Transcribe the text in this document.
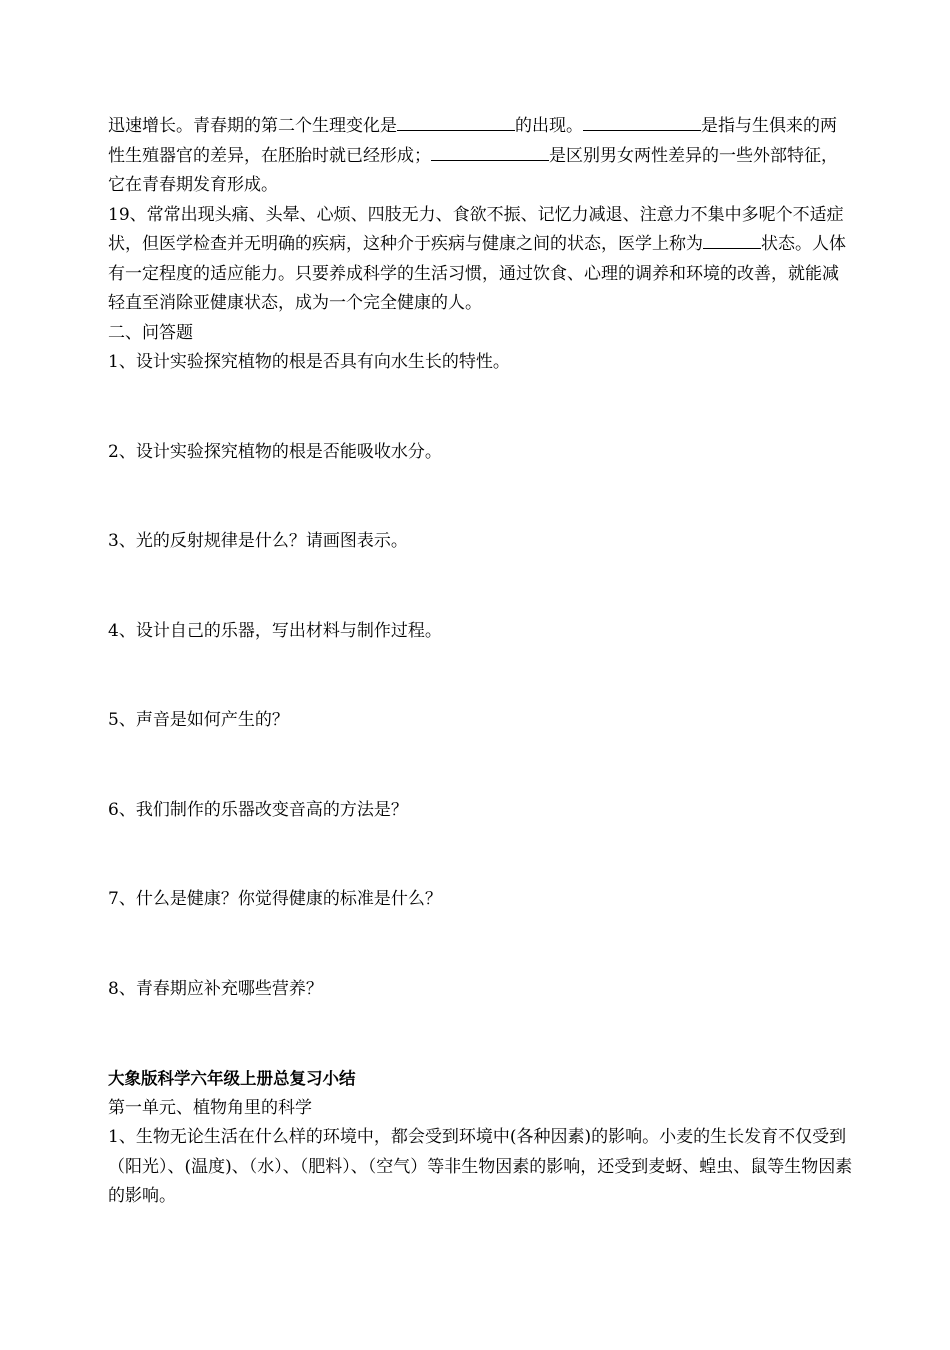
迅速增长。青春期的第二个生理变化是	的出现。	是指与生俱来的两性生殖器官的差异，在胚胎时就已经形成；	是区别男女两性差异的一些外部特征，它在青春期发育形成。

19、常常出现头痛、头晕、心烦、四肢无力、食欲不振、记忆力减退、注意力不集中多呢个不适症状，但医学检查并无明确的疾病，这种介于疾病与健康之间的状态，医学上称为	状态。人体有一定程度的适应能力。只要养成科学的生活习惯，通过饮食、心理的调养和环境的改善，就能减轻直至消除亚健康状态，成为一个完全健康的人。

二、问答题

1、设计实验探究植物的根是否具有向水生长的特性。

2、设计实验探究植物的根是否能吸收水分。

3、光的反射规律是什么？请画图表示。

4、设计自己的乐器，写出材料与制作过程。

5、声音是如何产生的？

6、我们制作的乐器改变音高的方法是？

7、什么是健康？你觉得健康的标准是什么？

8、青春期应补充哪些营养？

大象版科学六年级上册总复习小结

第一单元、植物角里的科学

1、生物无论生活在什么样的环境中，都会受到环境中(各种因素)的影响。小麦的生长发育不仅受到（阳光）、(温度)、（水）、（肥料）、（空气）等非生物因素的影响，还受到麦蚜、蝗虫、鼠等生物因素的影响。
